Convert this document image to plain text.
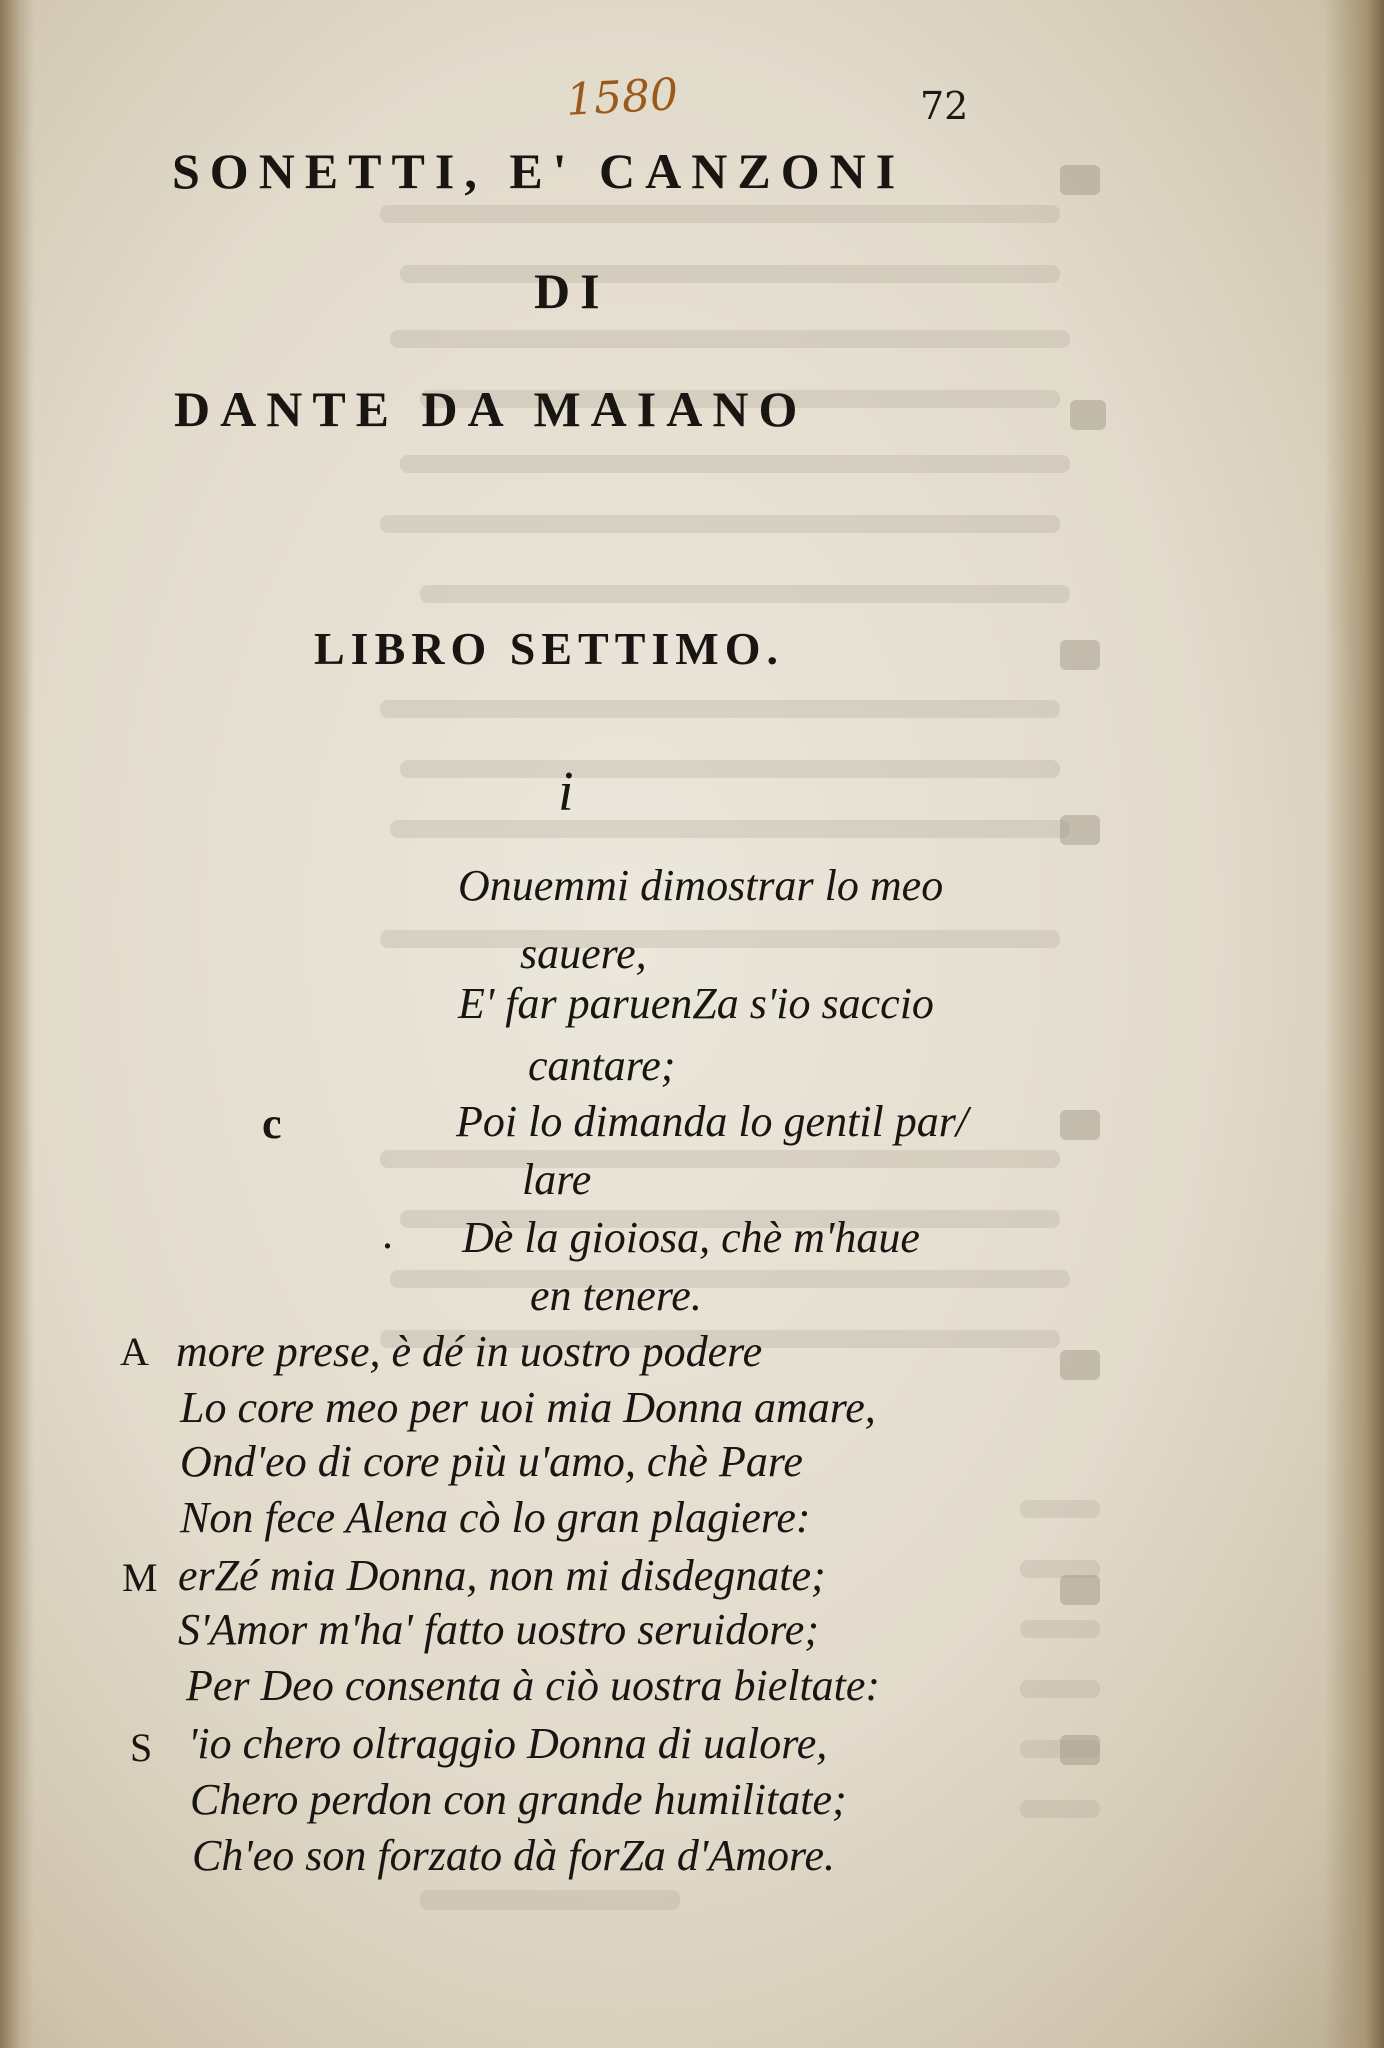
1580	72
SONETTI, E' CANZONI
DI
DANTE DA MAIANO
LIBRO SETTIMO.
i
Onuemmi dimostrar lo meo
sauere,
E' far paruenZa s'io saccio
cantare;
c	Poi lo dimanda lo gentil par/
lare
. Dè la gioiosa, chè m'haue
en tenere.
A more prese, è dé in uostro podere
Lo core meo per uoi mia Donna amare,
Ond'eo di core più u'amo, chè Pare
Non fece Alena cò lo gran plagiere:
M erZé mia Donna, non mi disdegnate;
S'Amor m'ha' fatto uostro seruidore;
Per Deo consenta à ciò uostra bieltate:
S 'io chero oltraggio Donna di ualore,
Chero perdon con grande humilitate;
Ch'eo son forzato dà forZa d'Amore.
